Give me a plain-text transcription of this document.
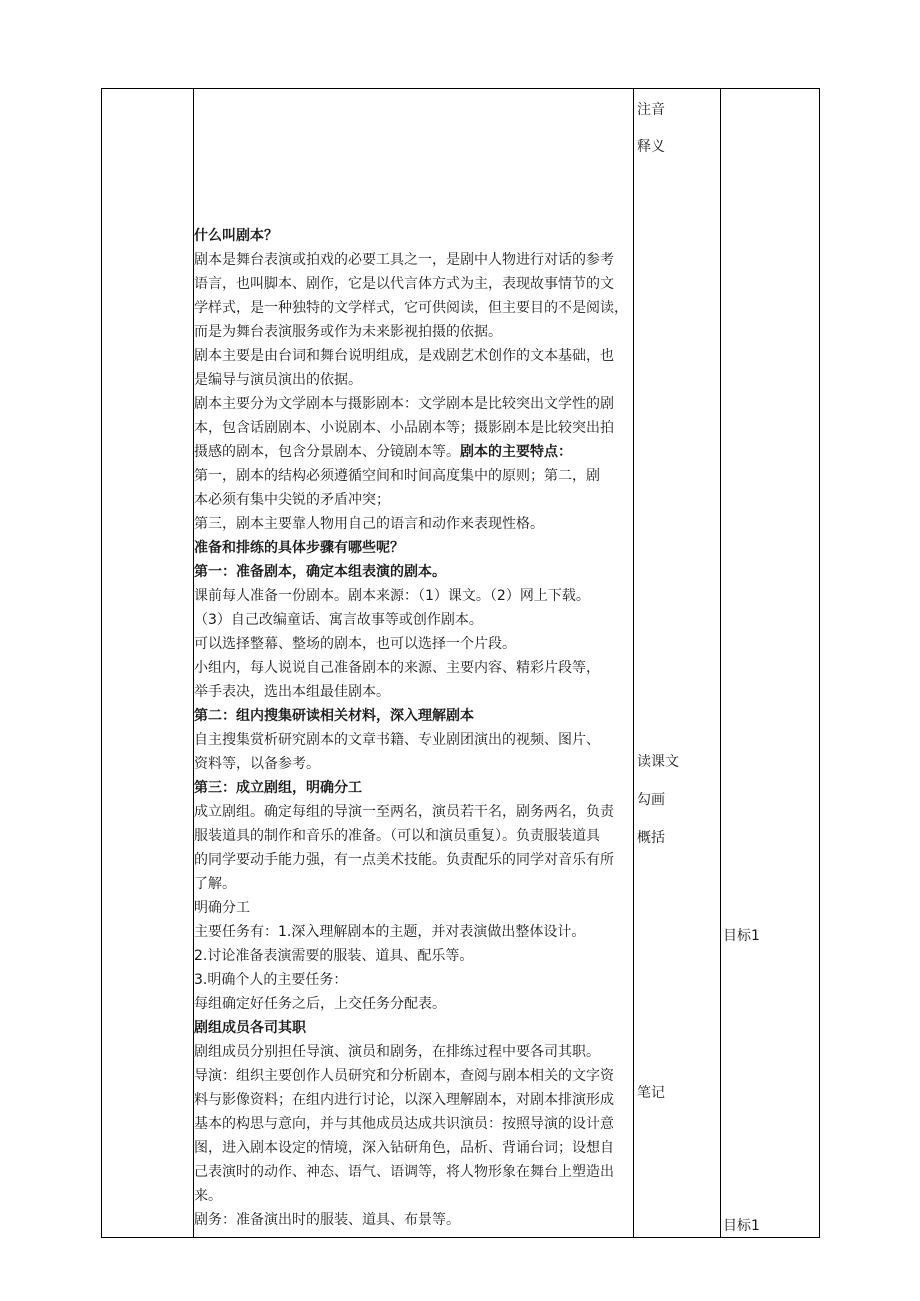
什么叫剧本？
剧本是舞台表演或拍戏的必要工具之一，是剧中人物进行对话的参考
语言，也叫脚本、剧作，它是以代言体方式为主，表现故事情节的文
学样式，是一种独特的文学样式，它可供阅读，但主要目的不是阅读，
而是为舞台表演服务或作为未来影视拍摄的依据。
剧本主要是由台词和舞台说明组成，是戏剧艺术创作的文本基础，也
是编导与演员演出的依据。
剧本主要分为文学剧本与摄影剧本：文学剧本是比较突出文学性的剧
本，包含话剧剧本、小说剧本、小品剧本等；摄影剧本是比较突出拍
摄感的剧本，包含分景剧本、分镜剧本等。剧本的主要特点：
第一，剧本的结构必须遵循空间和时间高度集中的原则；第二，剧
本必须有集中尖锐的矛盾冲突；
第三，剧本主要靠人物用自己的语言和动作来表现性格。
准备和排练的具体步骤有哪些呢？
第一：准备剧本，确定本组表演的剧本。
课前每人准备一份剧本。剧本来源：（1）课文。（2）网上下载。
（3）自己改编童话、寓言故事等或创作剧本。
可以选择整幕、整场的剧本，也可以选择一个片段。
小组内，每人说说自己准备剧本的来源、主要内容、精彩片段等，
举手表决，选出本组最佳剧本。
第二：组内搜集研读相关材料，深入理解剧本
自主搜集赏析研究剧本的文章书籍、专业剧团演出的视频、图片、
资料等，以备参考。
第三：成立剧组，明确分工
成立剧组。确定每组的导演一至两名，演员若干名，剧务两名，负责
服装道具的制作和音乐的准备。（可以和演员重复）。负责服装道具
的同学要动手能力强，有一点美术技能。负责配乐的同学对音乐有所
了解。
明确分工
主要任务有：1.深入理解剧本的主题，并对表演做出整体设计。
2.讨论准备表演需要的服装、道具、配乐等。
3.明确个人的主要任务：
每组确定好任务之后，上交任务分配表。
剧组成员各司其职
剧组成员分别担任导演、演员和剧务，在排练过程中要各司其职。
导演：组织主要创作人员研究和分析剧本，查阅与剧本相关的文字资
料与影像资料；在组内进行讨论，以深入理解剧本，对剧本排演形成
基本的构思与意向，并与其他成员达成共识演员：按照导演的设计意
图，进入剧本设定的情境，深入钻研角色，品析、背诵台词；设想自
己表演时的动作、神态、语气、语调等，将人物形象在舞台上塑造出
来。
剧务：准备演出时的服装、道具、布景等。
注音
释义
读课文
勾画
概括
笔记
目标1
目标1
